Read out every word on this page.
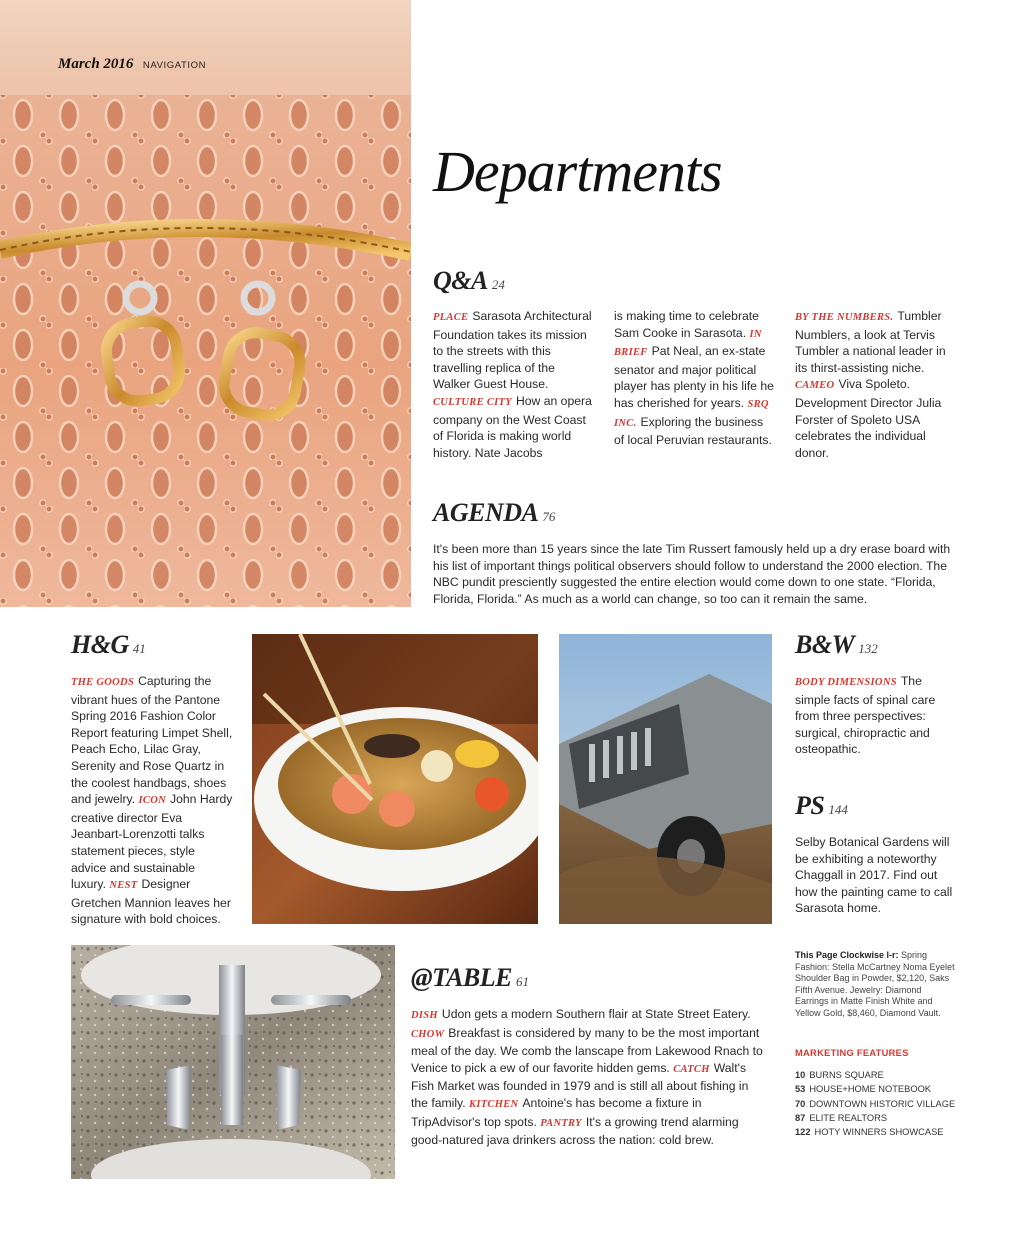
March 2016 NAVIGATION
Departments
Q&A 24
PLACE Sarasota Architectural Foundation takes its mission to the streets with this travelling replica of the Walker Guest House. CULTURE CITY How an opera company on the West Coast of Florida is making world history. Nate Jacobs
is making time to celebrate Sam Cooke in Sarasota. IN BRIEF Pat Neal, an ex-state senator and major political player has plenty in his life he has cherished for years. SRQ INC. Exploring the business of local Peruvian restaurants.
BY THE NUMBERS. Tumbler Numblers, a look at Tervis Tumbler a national leader in its thirst-assisting niche. CAMEO Viva Spoleto. Development Director Julia Forster of Spoleto USA celebrates the individual donor.
AGENDA 76
It's been more than 15 years since the late Tim Russert famously held up a dry erase board with his list of important things political observers should follow to understand the 2000 election. The NBC pundit presciently suggested the entire election would come down to one state. “Florida, Florida, Florida.” As much as a world can change, so too can it remain the same.
H&G 41
THE GOODS Capturing the vibrant hues of the Pantone Spring 2016 Fashion Color Report featuring Limpet Shell, Peach Echo, Lilac Gray, Serenity and Rose Quartz in the coolest handbags, shoes and jewelry. ICON John Hardy creative director Eva Jeanbart-Lorenzotti talks statement pieces, style advice and sustainable luxury. NEST Designer Gretchen Mannion leaves her signature with bold choices.
B&W 132
BODY DIMENSIONS The simple facts of spinal care from three perspectives: surgical, chiropractic and osteopathic.
PS 144
Selby Botanical Gardens will be exhibiting a noteworthy Chaggall in 2017. Find out how the painting came to call Sarasota home.
@TABLE 61
DISH Udon gets a modern Southern flair at State Street Eatery. CHOW Breakfast is considered by many to be the most important meal of the day. We comb the lanscape from Lakewood Rnach to Venice to pick a ew of our favorite hidden gems. CATCH Walt's Fish Market was founded in 1979 and is still all about fishing in the family. KITCHEN Antoine's has become a fixture in TripAdvisor's top spots. PANTRY It's a growing trend alarming good-natured java drinkers across the nation: cold brew.
This Page Clockwise l-r: Spring Fashion: Stella McCartney Noma Eyelet Shoulder Bag in Powder, $2,120, Saks Fifth Avenue. Jewelry: Diamond Earrings in Matte Finish White and Yellow Gold, $8,460, Diamond Vault.
MARKETING FEATURES
10 BURNS SQUARE
53 HOUSE+HOME NOTEBOOK
70 DOWNTOWN HISTORIC VILLAGE
87 ELITE REALTORS
122 HOTY WINNERS SHOWCASE
